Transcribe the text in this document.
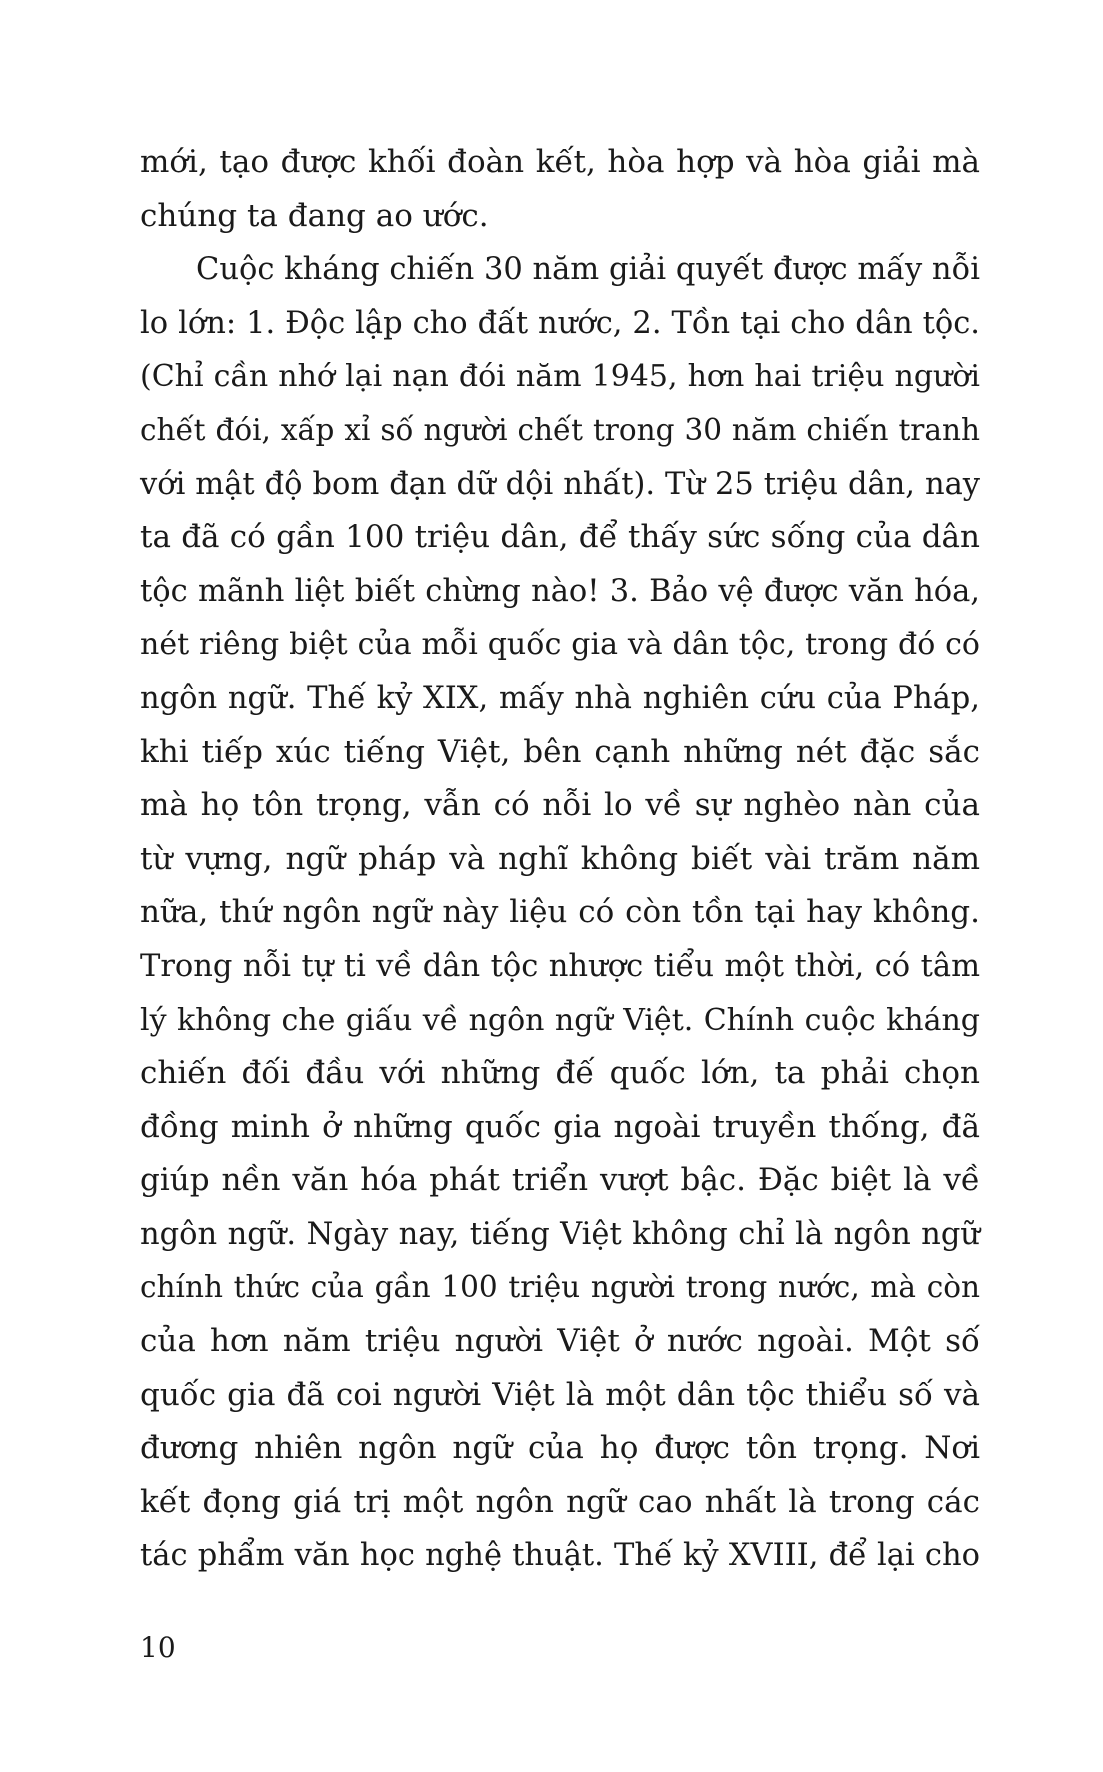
mới, tạo được khối đoàn kết, hòa hợp và hòa giải mà
chúng ta đang ao ước.
Cuộc kháng chiến 30 năm giải quyết được mấy nỗi
lo lớn: 1. Độc lập cho đất nước, 2. Tồn tại cho dân tộc.
(Chỉ cần nhớ lại nạn đói năm 1945, hơn hai triệu người
chết đói, xấp xỉ số người chết trong 30 năm chiến tranh
với mật độ bom đạn dữ dội nhất). Từ 25 triệu dân, nay
ta đã có gần 100 triệu dân, để thấy sức sống của dân
tộc mãnh liệt biết chừng nào! 3. Bảo vệ được văn hóa,
nét riêng biệt của mỗi quốc gia và dân tộc, trong đó có
ngôn ngữ. Thế kỷ XIX, mấy nhà nghiên cứu của Pháp,
khi tiếp xúc tiếng Việt, bên cạnh những nét đặc sắc
mà họ tôn trọng, vẫn có nỗi lo về sự nghèo nàn của
từ vựng, ngữ pháp và nghĩ không biết vài trăm năm
nữa, thứ ngôn ngữ này liệu có còn tồn tại hay không.
Trong nỗi tự ti về dân tộc nhược tiểu một thời, có tâm
lý không che giấu về ngôn ngữ Việt. Chính cuộc kháng
chiến đối đầu với những đế quốc lớn, ta phải chọn
đồng minh ở những quốc gia ngoài truyền thống, đã
giúp nền văn hóa phát triển vượt bậc. Đặc biệt là về
ngôn ngữ. Ngày nay, tiếng Việt không chỉ là ngôn ngữ
chính thức của gần 100 triệu người trong nước, mà còn
của hơn năm triệu người Việt ở nước ngoài. Một số
quốc gia đã coi người Việt là một dân tộc thiểu số và
đương nhiên ngôn ngữ của họ được tôn trọng. Nơi
kết đọng giá trị một ngôn ngữ cao nhất là trong các
tác phẩm văn học nghệ thuật. Thế kỷ XVIII, để lại cho
10
